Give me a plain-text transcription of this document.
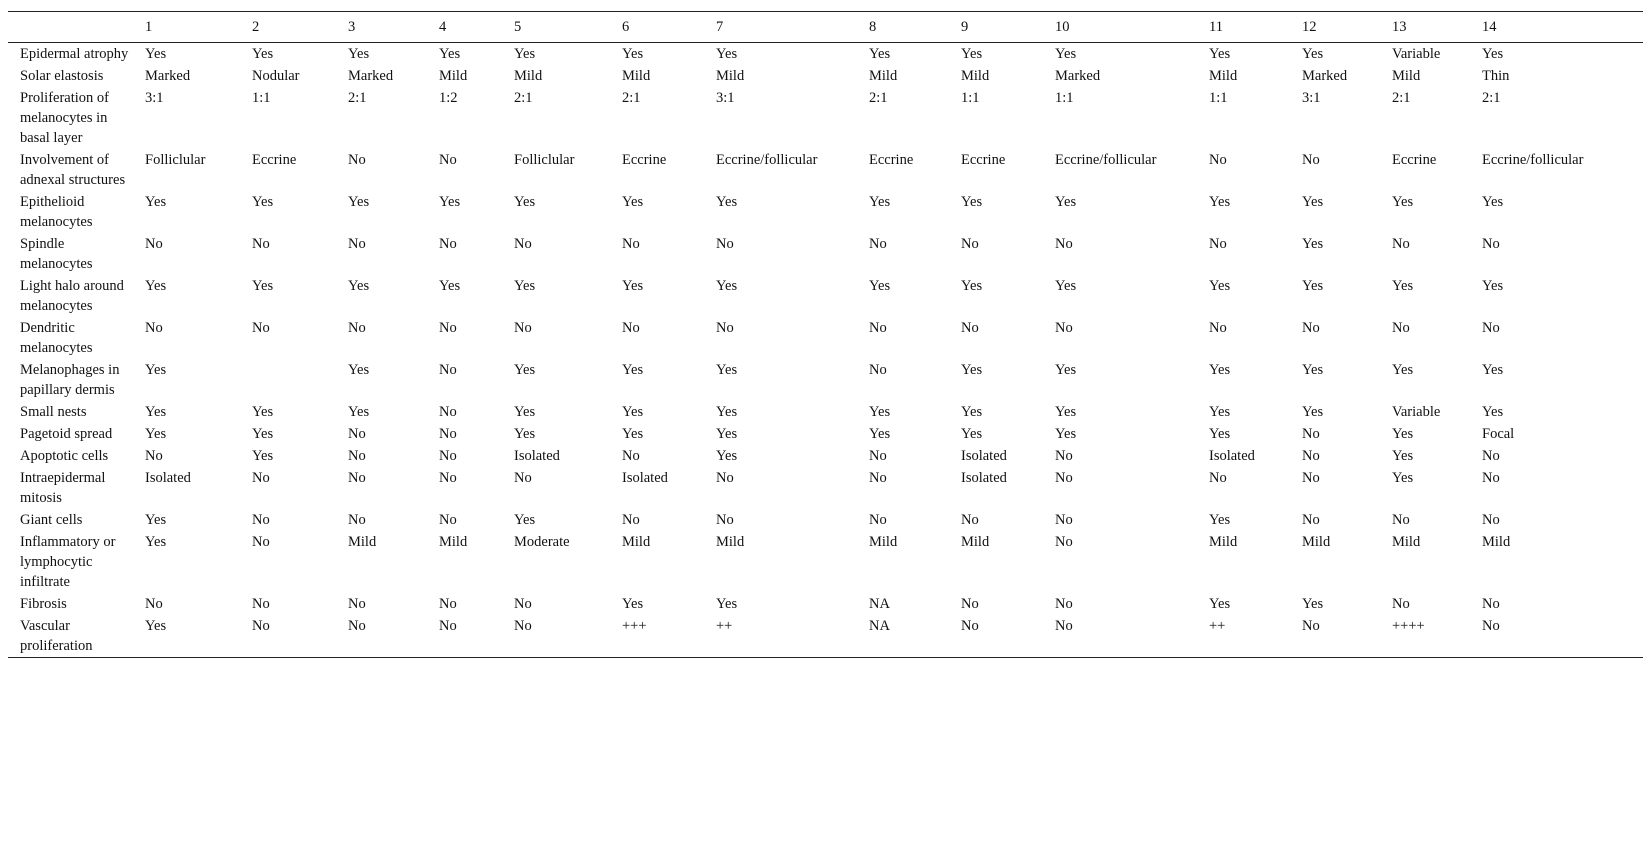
	1	2	3	4	5	6	7	8	9	10	11	12	13	14
Epidermal atrophy	Yes	Yes	Yes	Yes	Yes	Yes	Yes	Yes	Yes	Yes	Yes	Yes	Variable	Yes
Solar elastosis	Marked	Nodular	Marked	Mild	Mild	Mild	Mild	Mild	Mild	Marked	Mild	Marked	Mild	Thin
Proliferation of melanocytes in basal layer	3:1	1:1	2:1	1:2	2:1	2:1	3:1	2:1	1:1	1:1	1:1	3:1	2:1	2:1
Involvement of adnexal structures	Folliclular	Eccrine	No	No	Folliclular	Eccrine	Eccrine/follicular	Eccrine	Eccrine	Eccrine/follicular	No	No	Eccrine	Eccrine/follicular
Epithelioid melanocytes	Yes	Yes	Yes	Yes	Yes	Yes	Yes	Yes	Yes	Yes	Yes	Yes	Yes	Yes
Spindle melanocytes	No	No	No	No	No	No	No	No	No	No	No	Yes	No	No
Light halo around melanocytes	Yes	Yes	Yes	Yes	Yes	Yes	Yes	Yes	Yes	Yes	Yes	Yes	Yes	Yes
Dendritic melanocytes	No	No	No	No	No	No	No	No	No	No	No	No	No	No
Melanophages in papillary dermis	Yes		Yes	No	Yes	Yes	Yes	No	Yes	Yes	Yes	Yes	Yes	Yes
Small nests	Yes	Yes	Yes	No	Yes	Yes	Yes	Yes	Yes	Yes	Yes	Yes	Variable	Yes
Pagetoid spread	Yes	Yes	No	No	Yes	Yes	Yes	Yes	Yes	Yes	Yes	No	Yes	Focal
Apoptotic cells	No	Yes	No	No	Isolated	No	Yes	No	Isolated	No	Isolated	No	Yes	No
Intraepidermal mitosis	Isolated	No	No	No	No	Isolated	No	No	Isolated	No	No	No	Yes	No
Giant cells	Yes	No	No	No	Yes	No	No	No	No	No	Yes	No	No	No
Inflammatory or lymphocytic infiltrate	Yes	No	Mild	Mild	Moderate	Mild	Mild	Mild	Mild	No	Mild	Mild	Mild	Mild
Fibrosis	No	No	No	No	No	Yes	Yes	NA	No	No	Yes	Yes	No	No
Vascular proliferation	Yes	No	No	No	No	+++	++	NA	No	No	++	No	++++	No
